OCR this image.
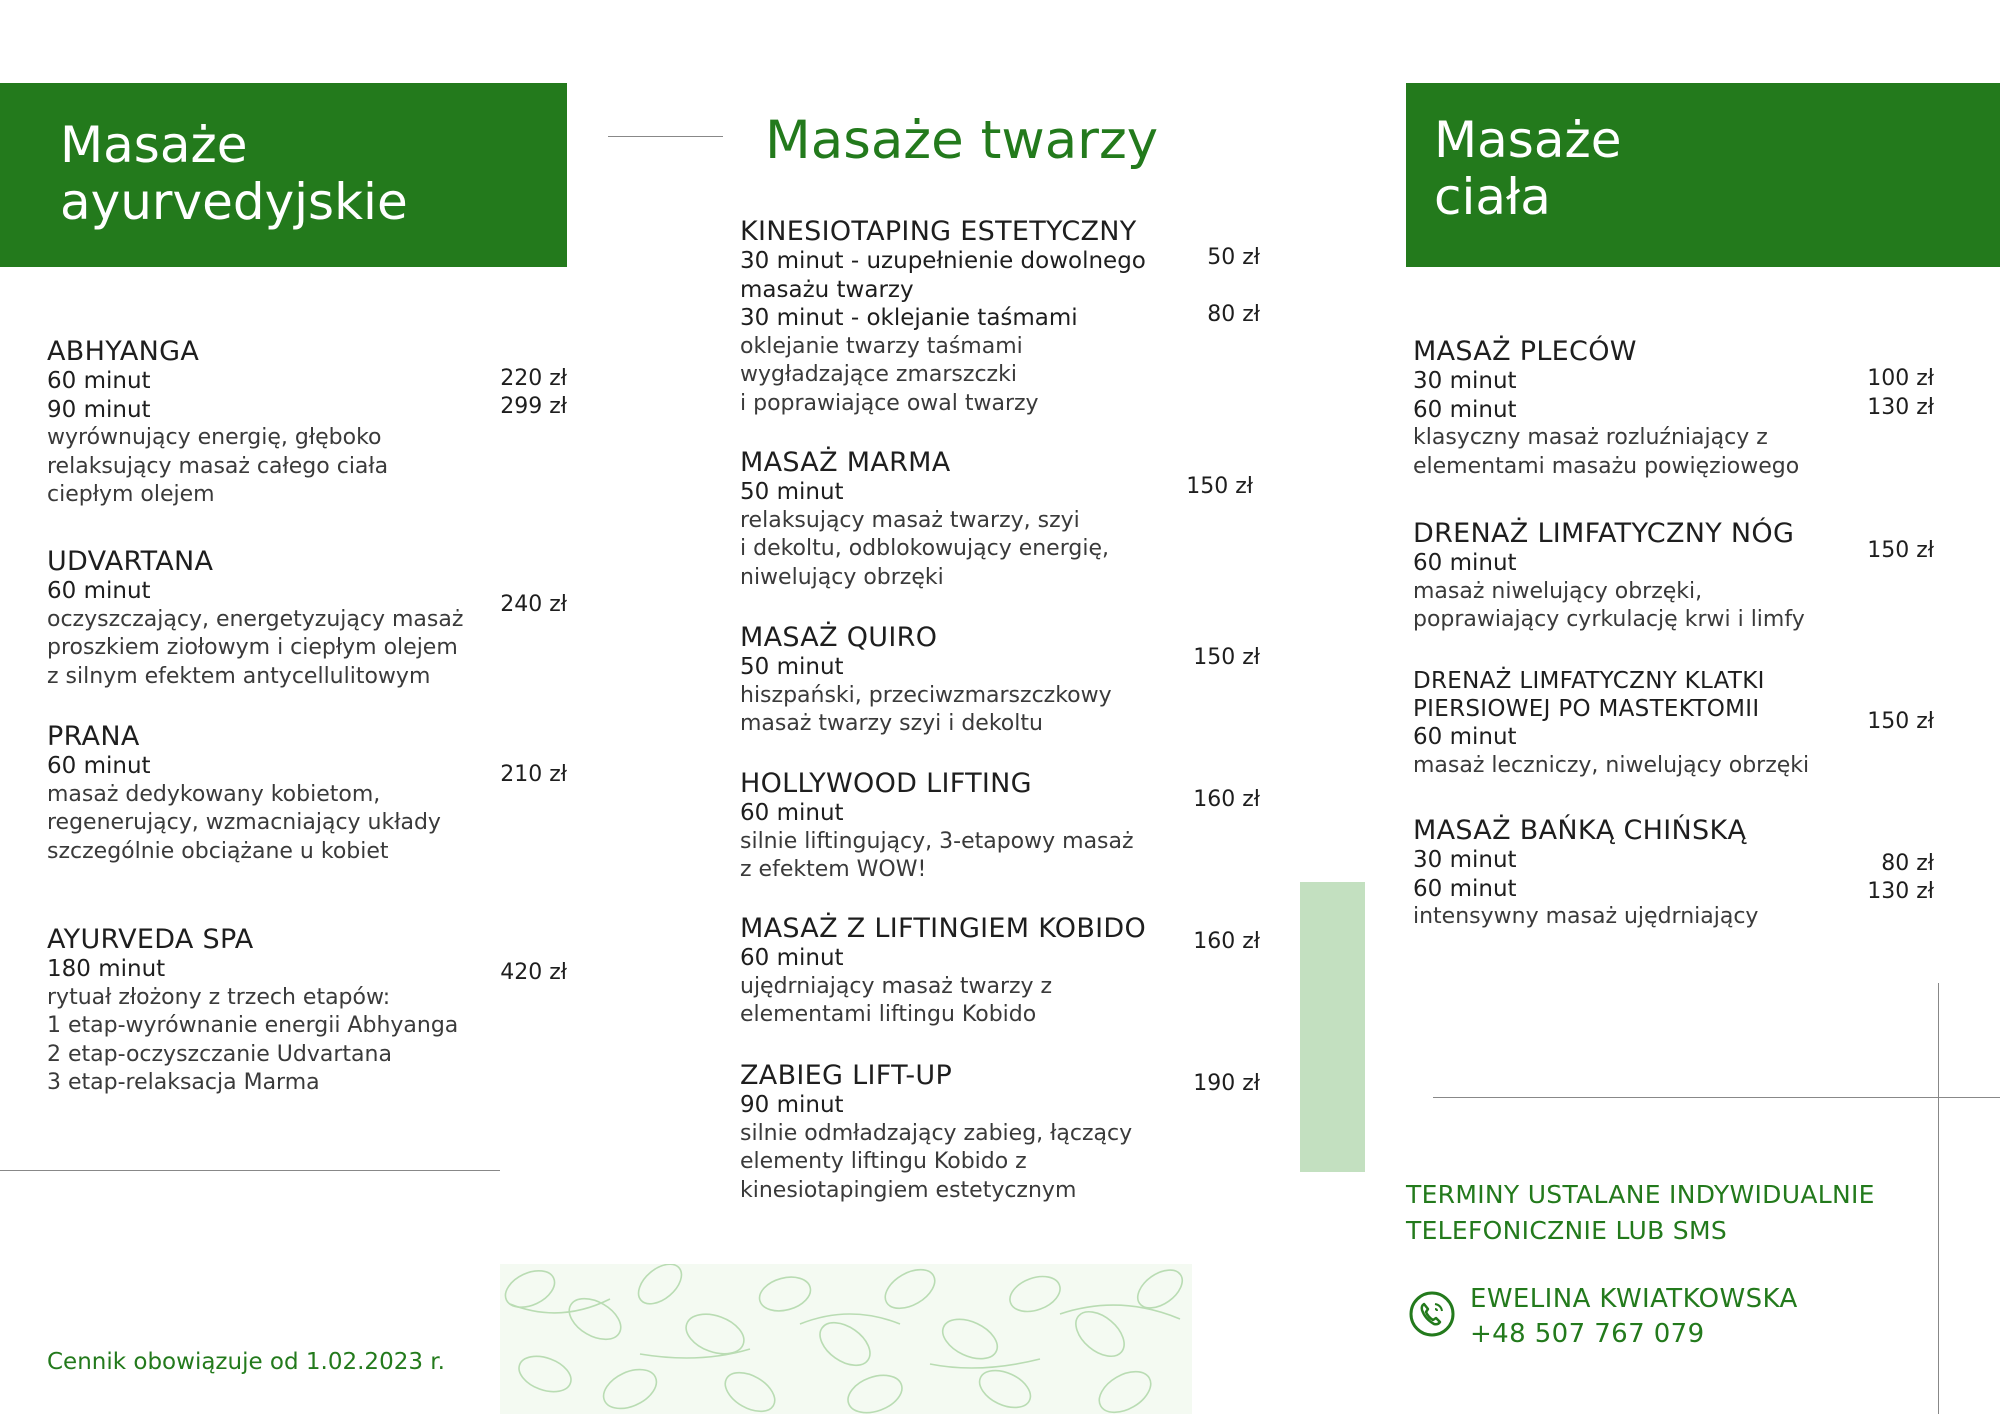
Masaże
ayurvedyjskie
ABHYANGA
60 minut
90 minut
wyrównujący energię, głęboko
relaksujący masaż całego ciała
ciepłym olejem
220 zł
299 zł
UDVARTANA
60 minut
oczyszczający, energetyzujący masaż
proszkiem ziołowym i ciepłym olejem
z silnym efektem antycellulitowym
240 zł
PRANA
60 minut
masaż dedykowany kobietom,
regenerujący, wzmacniający układy
szczególnie obciążane u kobiet
210 zł
AYURVEDA SPA
180 minut
rytuał złożony z trzech etapów:
1 etap-wyrównanie energii Abhyanga
2 etap-oczyszczanie Udvartana
3 etap-relaksacja Marma
420 zł
Cennik obowiązuje od 1.02.2023 r.
Masaże twarzy
KINESIOTAPING ESTETYCZNY
30 minut - uzupełnienie dowolnego
masażu twarzy
30 minut - oklejanie taśmami
oklejanie twarzy taśmami
wygładzające zmarszczki
i poprawiające owal twarzy
50 zł
80 zł
MASAŻ MARMA
50 minut
relaksujący masaż twarzy, szyi
i dekoltu, odblokowujący energię,
niwelujący obrzęki
150 zł
MASAŻ QUIRO
50 minut
hiszpański, przeciwzmarszczkowy
masaż twarzy szyi i dekoltu
150 zł
HOLLYWOOD LIFTING
60 minut
silnie liftingujący, 3-etapowy masaż
z efektem WOW!
160 zł
MASAŻ Z LIFTINGIEM KOBIDO
60 minut
ujędrniający masaż twarzy z
elementami liftingu Kobido
160 zł
ZABIEG LIFT-UP
90 minut
silnie odmładzający zabieg, łączący
elementy liftingu Kobido z
kinesiotapingiem estetycznym
190 zł
Masaże
ciała
MASAŻ PLECÓW
30 minut
60 minut
klasyczny masaż rozluźniający z
elementami masażu powięziowego
100 zł
130 zł
DRENAŻ LIMFATYCZNY NÓG
60 minut
masaż niwelujący obrzęki,
poprawiający cyrkulację krwi i limfy
150 zł
DRENAŻ LIMFATYCZNY KLATKI
PIERSIOWEJ PO MASTEKTOMII
60 minut
masaż leczniczy, niwelujący obrzęki
150 zł
MASAŻ BAŃKĄ CHIŃSKĄ
30 minut
60 minut
intensywny masaż ujędrniający
80 zł
130 zł
TERMINY USTALANE INDYWIDUALNIE
TELEFONICZNIE LUB SMS
EWELINA KWIATKOWSKA
+48 507 767 079
